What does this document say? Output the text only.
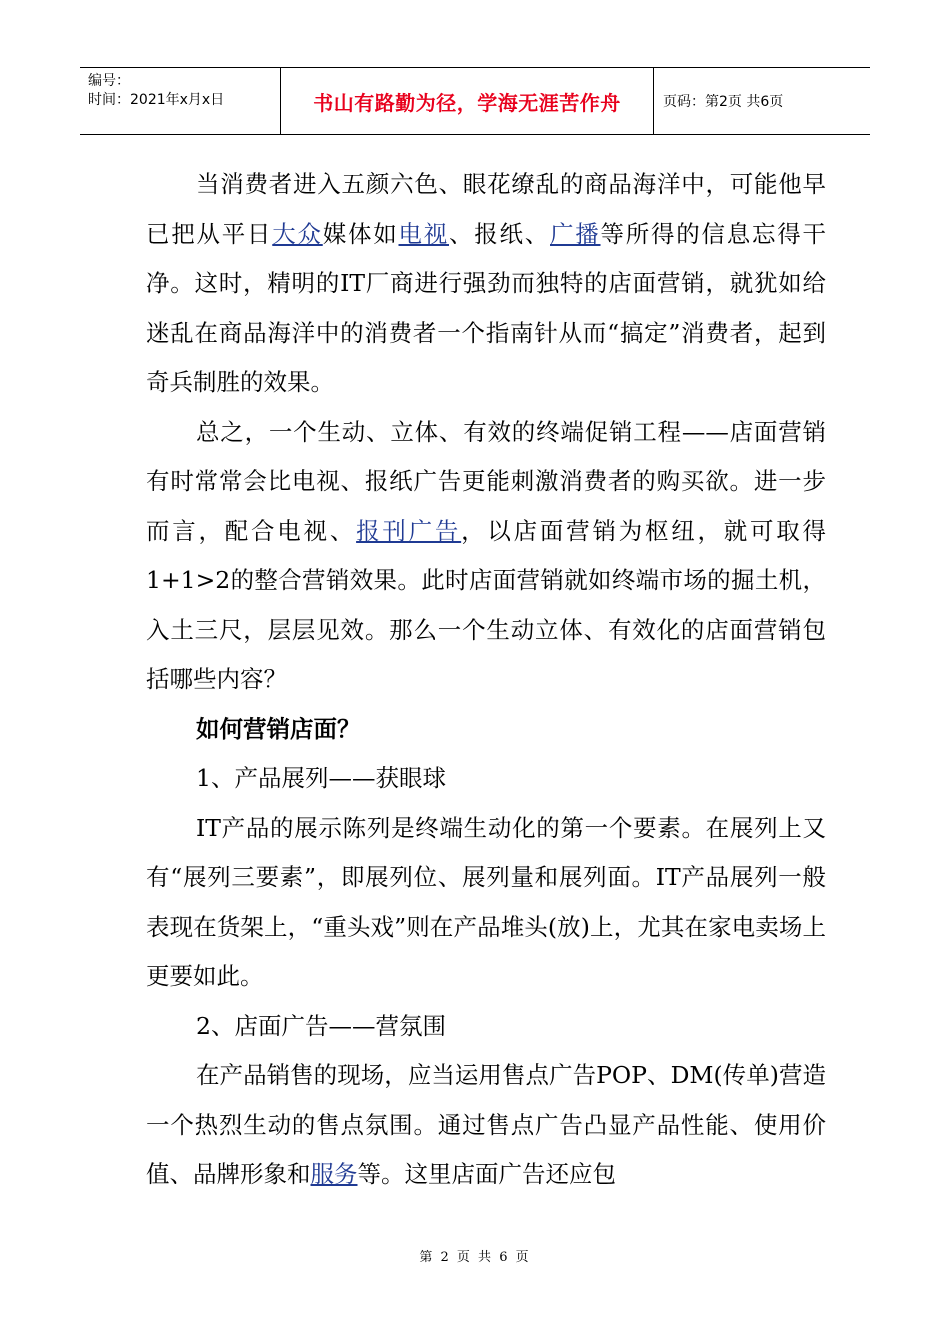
编号：
时间：2021年x月x日	书山有路勤为径，学海无涯苦作舟	页码：第2页 共6页

当消费者进入五颜六色、眼花缭乱的商品海洋中，可能他早已把从平日大众媒体如电视、报纸、广播等所得的信息忘得干净。这时，精明的IT厂商进行强劲而独特的店面营销，就犹如给迷乱在商品海洋中的消费者一个指南针从而“搞定”消费者，起到奇兵制胜的效果。

总之，一个生动、立体、有效的终端促销工程——店面营销有时常常会比电视、报纸广告更能刺激消费者的购买欲。进一步而言，配合电视、报刊广告，以店面营销为枢纽，就可取得1+1>2的整合营销效果。此时店面营销就如终端市场的掘土机，入土三尺，层层见效。那么一个生动立体、有效化的店面营销包括哪些内容？

如何营销店面？

1、产品展列——获眼球

IT产品的展示陈列是终端生动化的第一个要素。在展列上又有“展列三要素”，即展列位、展列量和展列面。IT产品展列一般表现在货架上，“重头戏”则在产品堆头(放)上，尤其在家电卖场上更要如此。

2、店面广告——营氛围

在产品销售的现场，应当运用售点广告POP、DM(传单)营造一个热烈生动的售点氛围。通过售点广告凸显产品性能、使用价值、品牌形象和服务等。这里店面广告还应包

第 2 页 共 6 页
